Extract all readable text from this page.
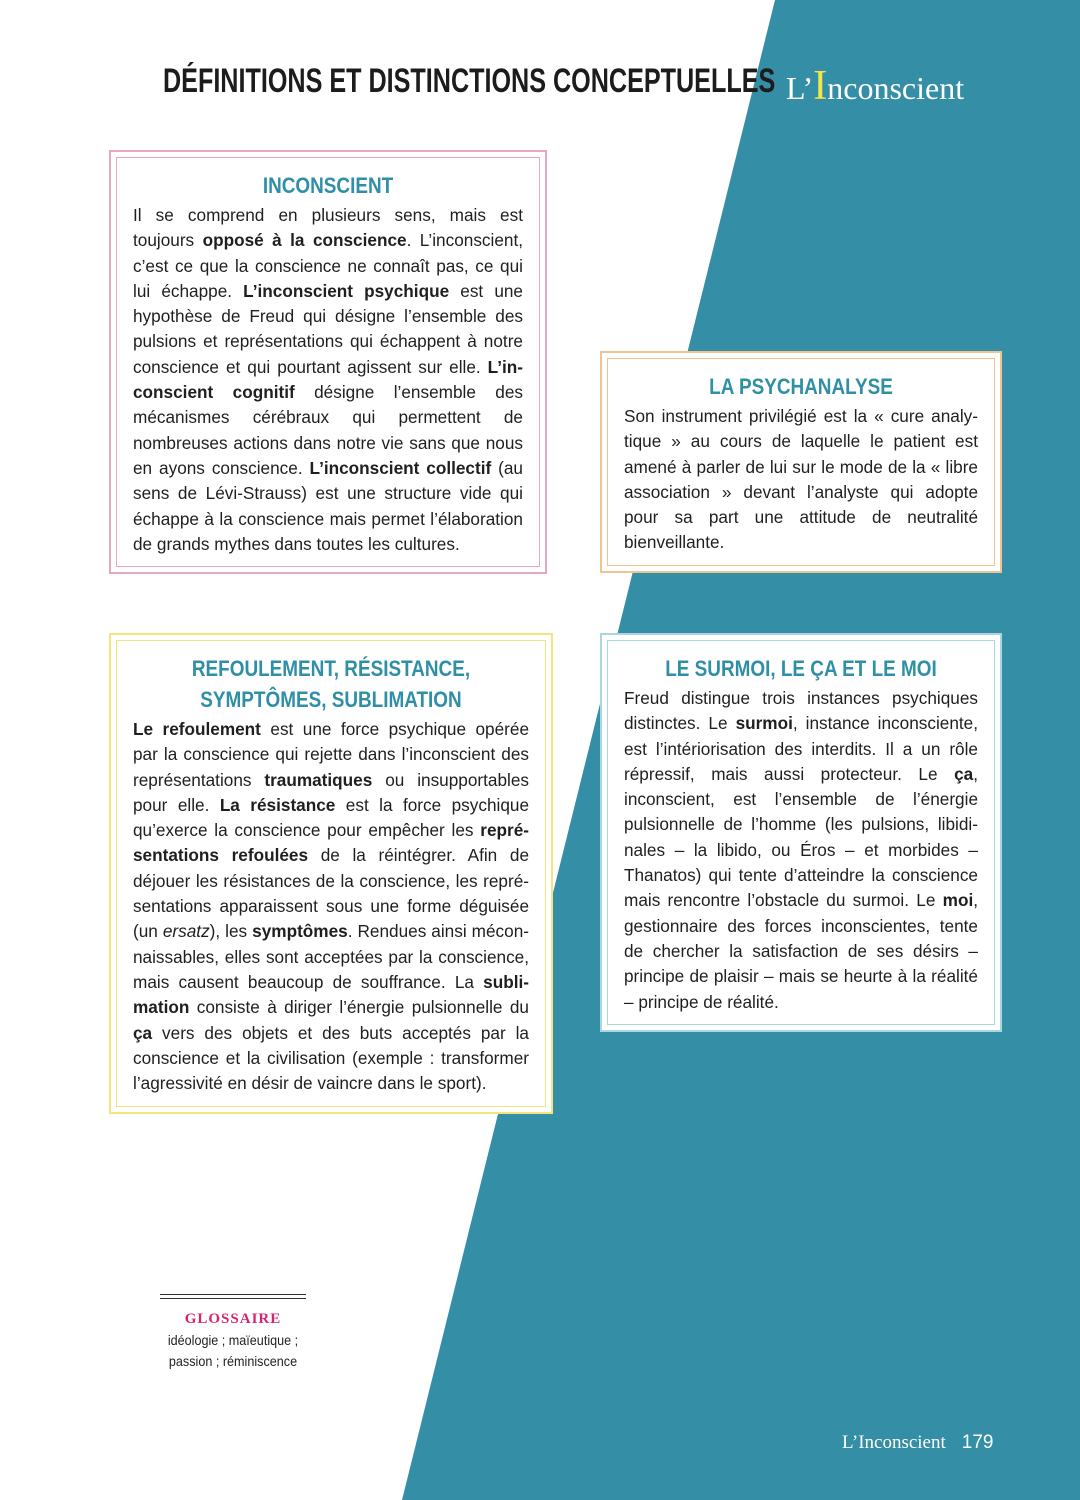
DÉFINITIONS ET DISTINCTIONS CONCEPTUELLES L’Inconscient
INCONSCIENT
Il se comprend en plusieurs sens, mais est toujours opposé à la conscience. L’inconscient, c’est ce que la conscience ne connaît pas, ce qui lui échappe. L’inconscient psychique est une hypothèse de Freud qui désigne l’ensemble des pulsions et représentations qui échappent à notre conscience et qui pourtant agissent sur elle. L’inconscient cognitif désigne l’ensemble des mécanismes cérébraux qui permettent de nombreuses actions dans notre vie sans que nous en ayons conscience. L’inconscient collectif (au sens de Lévi-Strauss) est une structure vide qui échappe à la conscience mais permet l’élaboration de grands mythes dans toutes les cultures.
LA PSYCHANALYSE
Son instrument privilégié est la « cure analytique » au cours de laquelle le patient est amené à parler de lui sur le mode de la « libre association » devant l’analyste qui adopte pour sa part une attitude de neutralité bienveillante.
REFOULEMENT, RÉSISTANCE,
SYMPTÔMES, SUBLIMATION
Le refoulement est une force psychique opérée par la conscience qui rejette dans l’inconscient des représentations traumatiques ou insupportables pour elle. La résistance est la force psychique qu’exerce la conscience pour empêcher les représentations refoulées de la réintégrer. Afin de déjouer les résistances de la conscience, les représentations apparaissent sous une forme déguisée (un ersatz), les symptômes. Rendues ainsi méconnaissables, elles sont acceptées par la conscience, mais causent beaucoup de souffrance. La sublimation consiste à diriger l’énergie pulsionnelle du ça vers des objets et des buts acceptés par la conscience et la civilisation (exemple : transformer l’agressivité en désir de vaincre dans le sport).
LE SURMOI, LE ÇA ET LE MOI
Freud distingue trois instances psychiques distinctes. Le surmoi, instance inconsciente, est l’intériorisation des interdits. Il a un rôle répressif, mais aussi protecteur. Le ça, inconscient, est l’ensemble de l’énergie pulsionnelle de l’homme (les pulsions, libidinales – la libido, ou Éros – et morbides – Thanatos) qui tente d’atteindre la conscience mais rencontre l’obstacle du surmoi. Le moi, gestionnaire des forces inconscientes, tente de chercher la satisfaction de ses désirs – principe de plaisir – mais se heurte à la réalité – principe de réalité.
GLOSSAIRE
idéologie ; maïeutique ;
passion ; réminiscence
L’Inconscient 179
